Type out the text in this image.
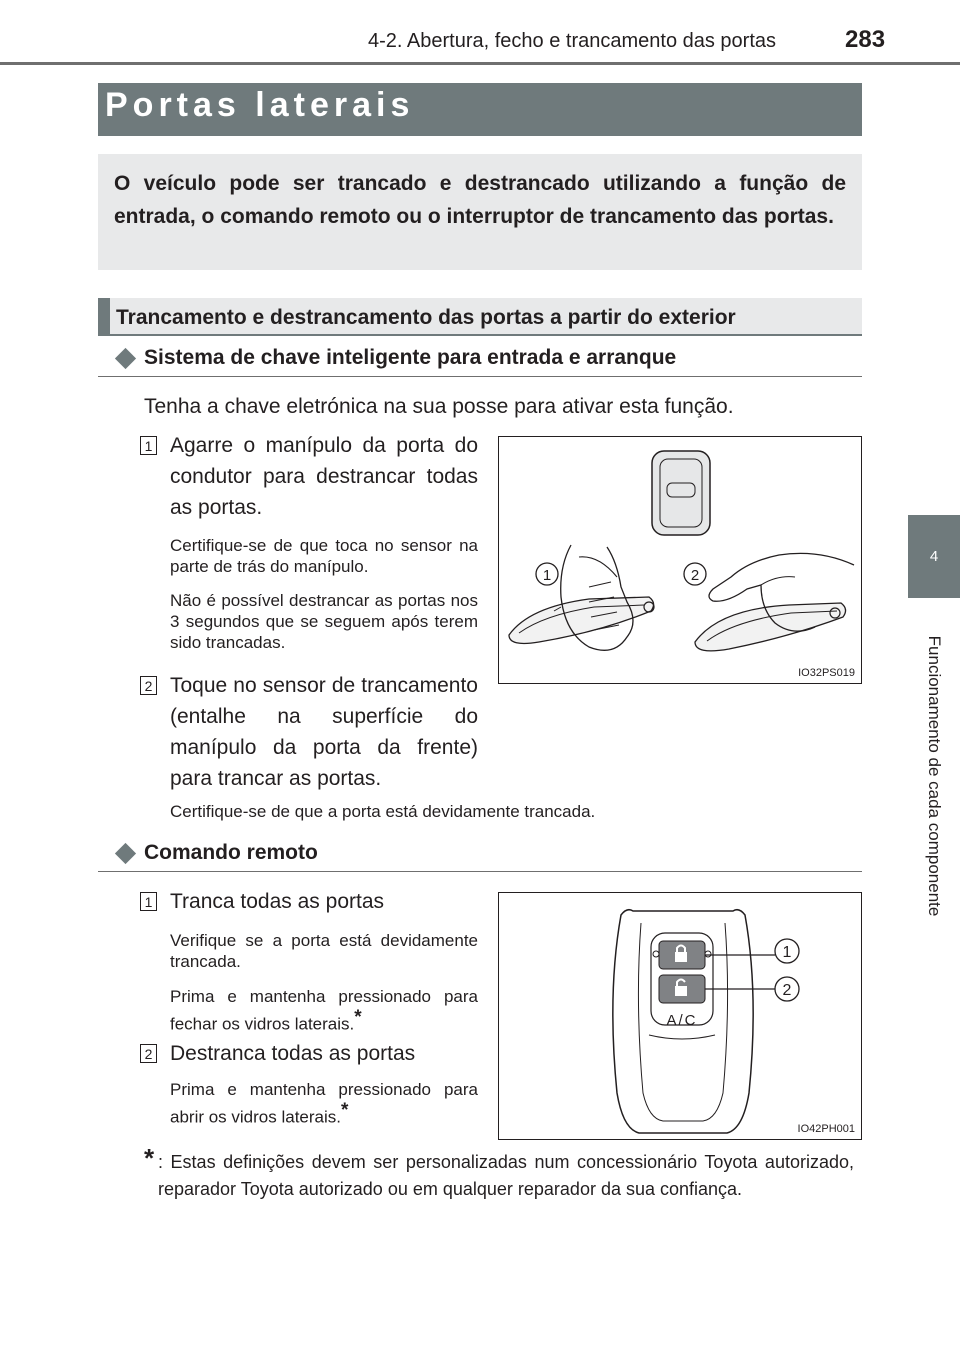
4-2. Abertura, fecho e trancamento das portas	283
4
Funcionamento de cada componente
Portas laterais
O veículo pode ser trancado e destrancado utilizando a função de entrada, o comando remoto ou o interruptor de trancamento das portas.
Trancamento e destrancamento das portas a partir do exterior
Sistema de chave inteligente para entrada e arranque
Tenha a chave eletrónica na sua posse para ativar esta função.
1 Agarre o manípulo da porta do condutor para destrancar todas as portas.
Certifique-se de que toca no sensor na parte de trás do manípulo.
Não é possível destrancar as portas nos 3 segundos que se seguem após terem sido trancadas.
2 Toque no sensor de trancamento (entalhe na superfície do manípulo da porta da frente) para trancar as portas.
Certifique-se de que a porta está devidamente trancada.
1	2
IO32PS019
Comando remoto
1 Tranca todas as portas
Verifique se a porta está devidamente trancada.
Prima e mantenha pressionado para fechar os vidros laterais.*
2 Destranca todas as portas
Prima e mantenha pressionado para abrir os vidros laterais.*
* : Estas definições devem ser personalizadas num concessionário Toyota autorizado, reparador Toyota autorizado ou em qualquer reparador da sua confiança.
A/C
1
2
IO42PH001
